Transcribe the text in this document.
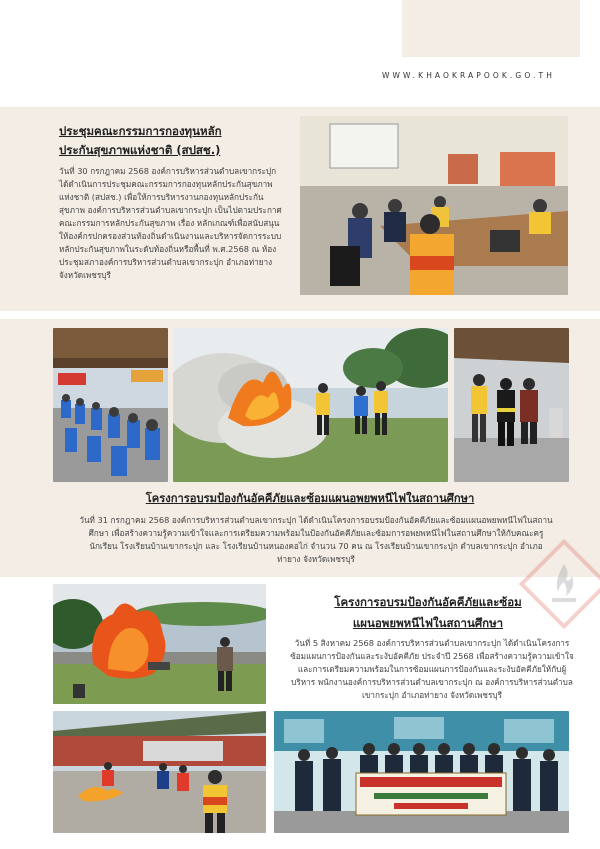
WWW.KHAOKRAPOOK.GO.TH
ประชุมคณะกรรมการกองทุนหลัก
ประกันสุขภาพแห่งชาติ (สปสช.)
วันที่ 30 กรกฎาคม 2568 องค์การบริหารส่วนตำบลเขากระปุก ได้ดำเนินการประชุมคณะกรรมการกองทุนหลักประกันสุขภาพแห่งชาติ (สปสช.) เพื่อให้การบริหารงานกองทุนหลักประกันสุขภาพ องค์การบริหารส่วนตำบลเขากระปุก เป็นไปตามประกาศคณะกรรมการหลักประกันสุขภาพ เรื่อง หลักเกณฑ์เพื่อสนับสนุนให้องค์กรปกครองส่วนท้องถิ่นดำเนินงานและบริหารจัดการระบบหลักประกันสุขภาพในระดับท้องถิ่นหรือพื้นที่ พ.ศ.2568 ณ ห้องประชุมสภาองค์การบริหารส่วนตำบลเขากระปุก อำเภอท่ายาง จังหวัดเพชรบุรี
โครงการอบรมป้องกันอัคคีภัยและซ้อมแผนอพยพหนีไฟในสถานศึกษา
วันที่ 31 กรกฎาคม 2568 องค์การบริหารส่วนตำบลเขากระปุก ได้ดำเนินโครงการอบรมป้องกันอัคคีภัยและซ้อมแผนอพยพหนีไฟในสถานศึกษา เพื่อสร้างความรู้ความเข้าใจและการเตรียมความพร้อมในป้องกันอัคคีภัยและซ้อมการอพยพหนีไฟในสถานศึกษาให้กับคณะครูนักเรียน โรงเรียนบ้านเขากระปุก และ โรงเรียนบ้านหนองคอไก่ จำนวน 70 คน ณ โรงเรียนบ้านเขากระปุก ตำบลเขากระปุก อำเภอท่ายาง จังหวัดเพชรบุรี
โครงการอบรมป้องกันอัคคีภัยและซ้อม
แผนอพยพหนีไฟในสถานศึกษา
วันที่ 5 สิงหาคม 2568 องค์การบริหารส่วนตำบลเขากระปุก ได้ดำเนินโครงการซ้อมแผนการป้องกันและระงับอัคคีภัย ประจำปี 2568 เพื่อสร้างความรู้ความเข้าใจและการเตรียมความพร้อมในการซ้อมแผนการป้องกันและระงับอัคคีภัยให้กับผู้บริหาร พนักงานองค์การบริหารส่วนตำบลเขากระปุก ณ องค์การบริหารส่วนตำบลเขากระปุก อำเภอท่ายาง จังหวัดเพชรบุรี
